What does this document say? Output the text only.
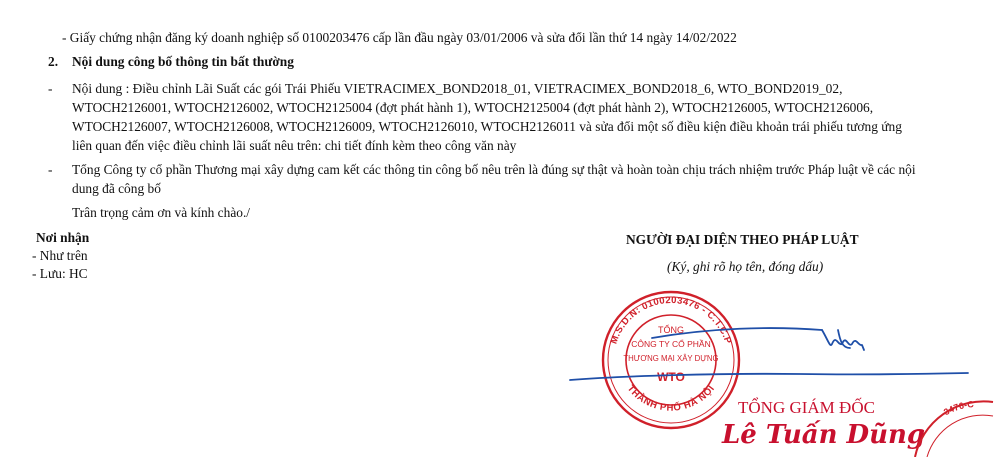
- Giấy chứng nhận đăng ký doanh nghiệp số 0100203476 cấp lần đầu ngày 03/01/2006 và sửa đổi lần thứ 14 ngày 14/02/2022
2. Nội dung công bố thông tin bất thường
- Nội dung : Điều chỉnh Lãi Suất các gói Trái Phiếu VIETRACIMEX_BOND2018_01, VIETRACIMEX_BOND2018_6, WTO_BOND2019_02,
WTOCH2126001, WTOCH2126002, WTOCH2125004 (đợt phát hành 1), WTOCH2125004 (đợt phát hành 2), WTOCH2126005, WTOCH2126006,
WTOCH2126007, WTOCH2126008, WTOCH2126009, WTOCH2126010, WTOCH2126011 và sửa đổi một số điều kiện điều khoản trái phiếu tương ứng
liên quan đến việc điều chỉnh lãi suất nêu trên: chi tiết đính kèm theo công văn này
- Tổng Công ty cổ phần Thương mại xây dựng cam kết các thông tin công bố nêu trên là đúng sự thật và hoàn toàn chịu trách nhiệm trước Pháp luật về các nội
dung đã công bố
Trân trọng cảm ơn và kính chào./
Nơi nhận
- Như trên
- Lưu: HC
NGƯỜI ĐẠI DIỆN THEO PHÁP LUẬT
(Ký, ghi rõ họ tên, đóng dấu)
M.S.D.N: 0100203476 - C.T.C.P
THÀNH PHỐ HÀ NỘI
TỔNG
CÔNG TY CỔ PHẦN
THƯƠNG MẠI XÂY DỰNG
WTO
TỔNG GIÁM ĐỐC
Lê Tuấn Dũng
3476-C
